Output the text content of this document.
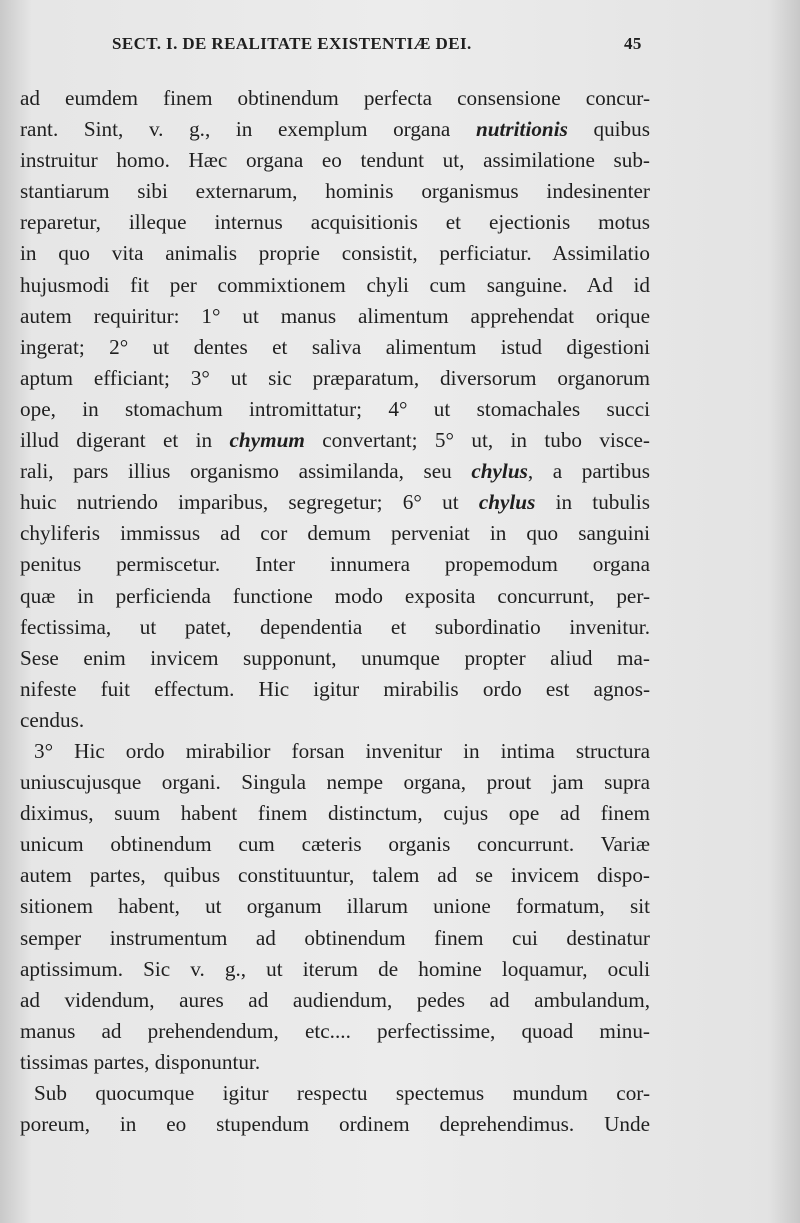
SECT. I. DE REALITATE EXISTENTIÆ DEI.	45
ad eumdem finem obtinendum perfecta consensione concur-
rant. Sint, v. g., in exemplum organa nutritionis quibus
instruitur homo. Hæc organa eo tendunt ut, assimilatione sub-
stantiarum sibi externarum, hominis organismus indesinenter
reparetur, illeque internus acquisitionis et ejectionis motus
in quo vita animalis proprie consistit, perficiatur. Assimilatio
hujusmodi fit per commixtionem chyli cum sanguine. Ad id
autem requiritur: 1° ut manus alimentum apprehendat orique
ingerat; 2° ut dentes et saliva alimentum istud digestioni
aptum efficiant; 3° ut sic præparatum, diversorum organorum
ope, in stomachum intromittatur; 4° ut stomachales succi
illud digerant et in chymum convertant; 5° ut, in tubo visce-
rali, pars illius organismo assimilanda, seu chylus, a partibus
huic nutriendo imparibus, segregetur; 6° ut chylus in tubulis
chyliferis immissus ad cor demum perveniat in quo sanguini
penitus permiscetur. Inter innumera propemodum organa
quæ in perficienda functione modo exposita concurrunt, per-
fectissima, ut patet, dependentia et subordinatio invenitur.
Sese enim invicem supponunt, unumque propter aliud ma-
nifeste fuit effectum. Hic igitur mirabilis ordo est agnos-
cendus.
3° Hic ordo mirabilior forsan invenitur in intima structura
uniuscujusque organi. Singula nempe organa, prout jam supra
diximus, suum habent finem distinctum, cujus ope ad finem
unicum obtinendum cum cæteris organis concurrunt. Variæ
autem partes, quibus constituuntur, talem ad se invicem dispo-
sitionem habent, ut organum illarum unione formatum, sit
semper instrumentum ad obtinendum finem cui destinatur
aptissimum. Sic v. g., ut iterum de homine loquamur, oculi
ad videndum, aures ad audiendum, pedes ad ambulandum,
manus ad prehendendum, etc.... perfectissime, quoad minu-
tissimas partes, disponuntur.
Sub quocumque igitur respectu spectemus mundum cor-
poreum, in eo stupendum ordinem deprehendimus. Unde
